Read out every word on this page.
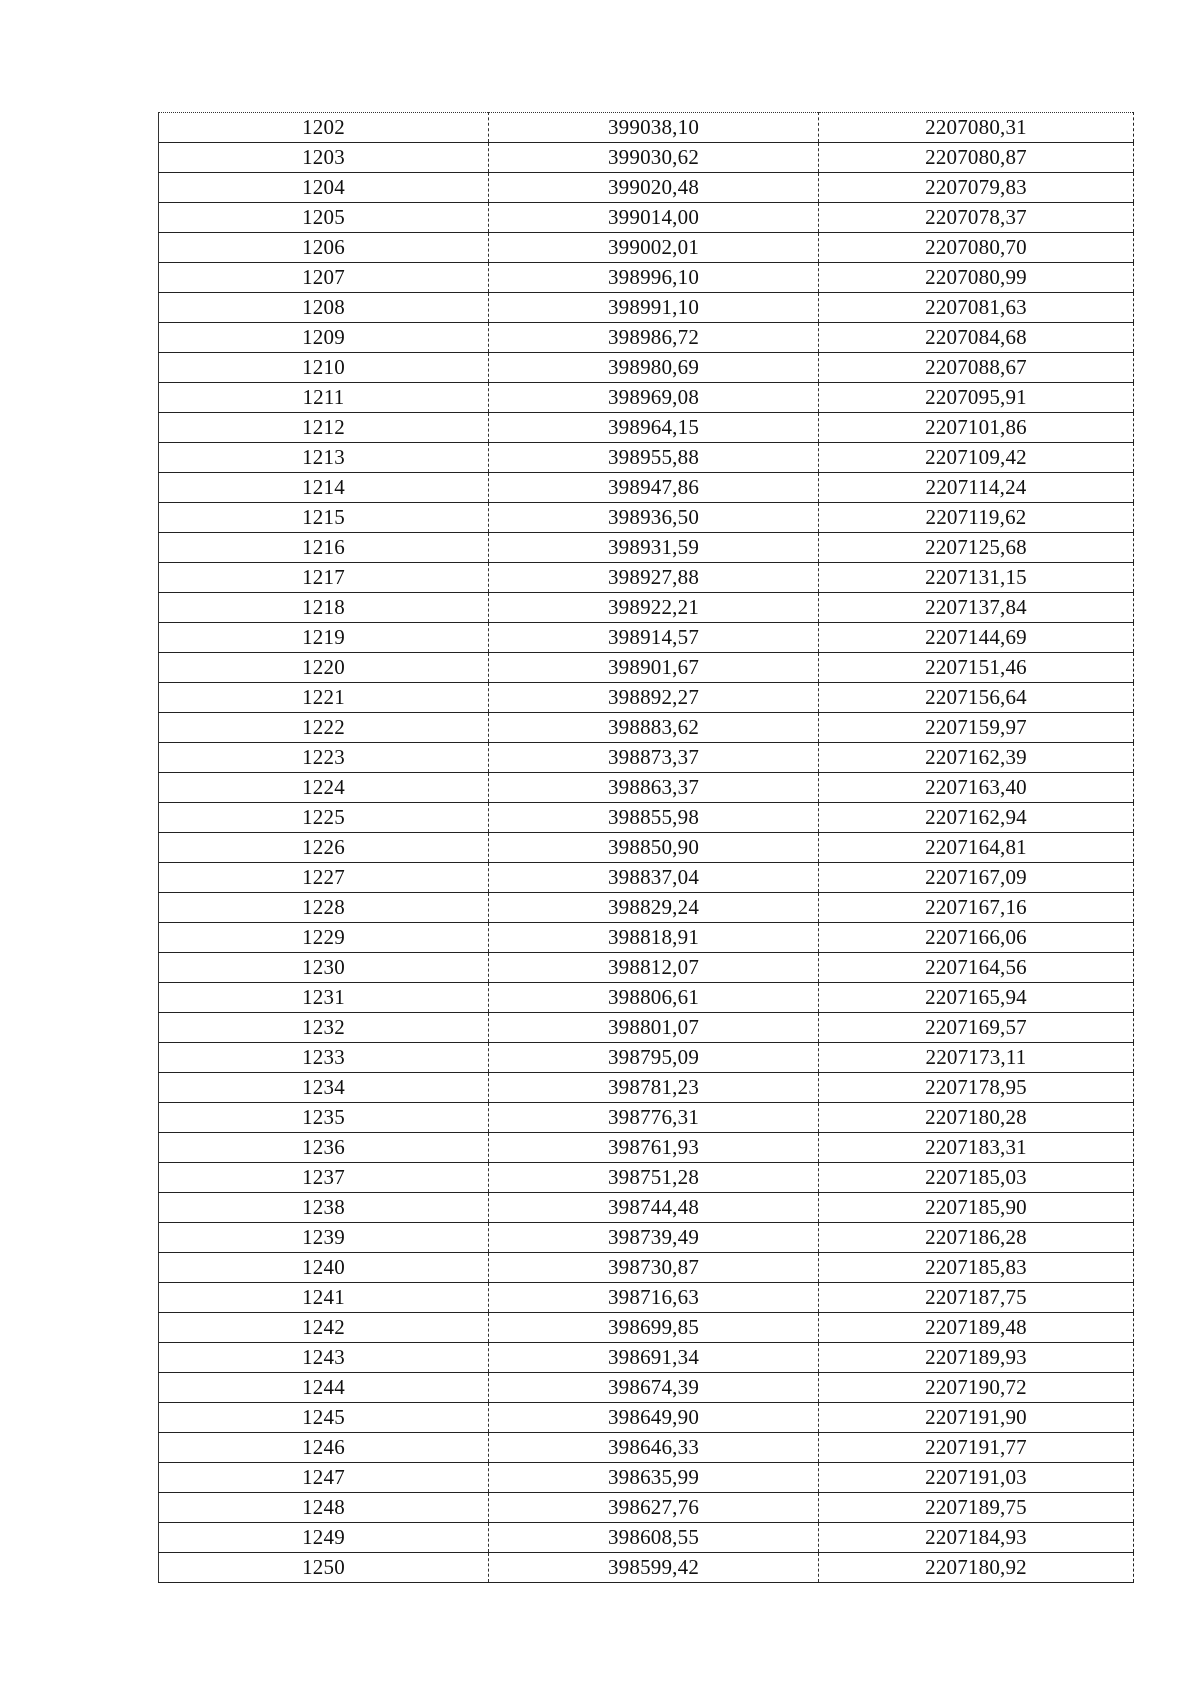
1202	399038,10	2207080,31
1203	399030,62	2207080,87
1204	399020,48	2207079,83
1205	399014,00	2207078,37
1206	399002,01	2207080,70
1207	398996,10	2207080,99
1208	398991,10	2207081,63
1209	398986,72	2207084,68
1210	398980,69	2207088,67
1211	398969,08	2207095,91
1212	398964,15	2207101,86
1213	398955,88	2207109,42
1214	398947,86	2207114,24
1215	398936,50	2207119,62
1216	398931,59	2207125,68
1217	398927,88	2207131,15
1218	398922,21	2207137,84
1219	398914,57	2207144,69
1220	398901,67	2207151,46
1221	398892,27	2207156,64
1222	398883,62	2207159,97
1223	398873,37	2207162,39
1224	398863,37	2207163,40
1225	398855,98	2207162,94
1226	398850,90	2207164,81
1227	398837,04	2207167,09
1228	398829,24	2207167,16
1229	398818,91	2207166,06
1230	398812,07	2207164,56
1231	398806,61	2207165,94
1232	398801,07	2207169,57
1233	398795,09	2207173,11
1234	398781,23	2207178,95
1235	398776,31	2207180,28
1236	398761,93	2207183,31
1237	398751,28	2207185,03
1238	398744,48	2207185,90
1239	398739,49	2207186,28
1240	398730,87	2207185,83
1241	398716,63	2207187,75
1242	398699,85	2207189,48
1243	398691,34	2207189,93
1244	398674,39	2207190,72
1245	398649,90	2207191,90
1246	398646,33	2207191,77
1247	398635,99	2207191,03
1248	398627,76	2207189,75
1249	398608,55	2207184,93
1250	398599,42	2207180,92
